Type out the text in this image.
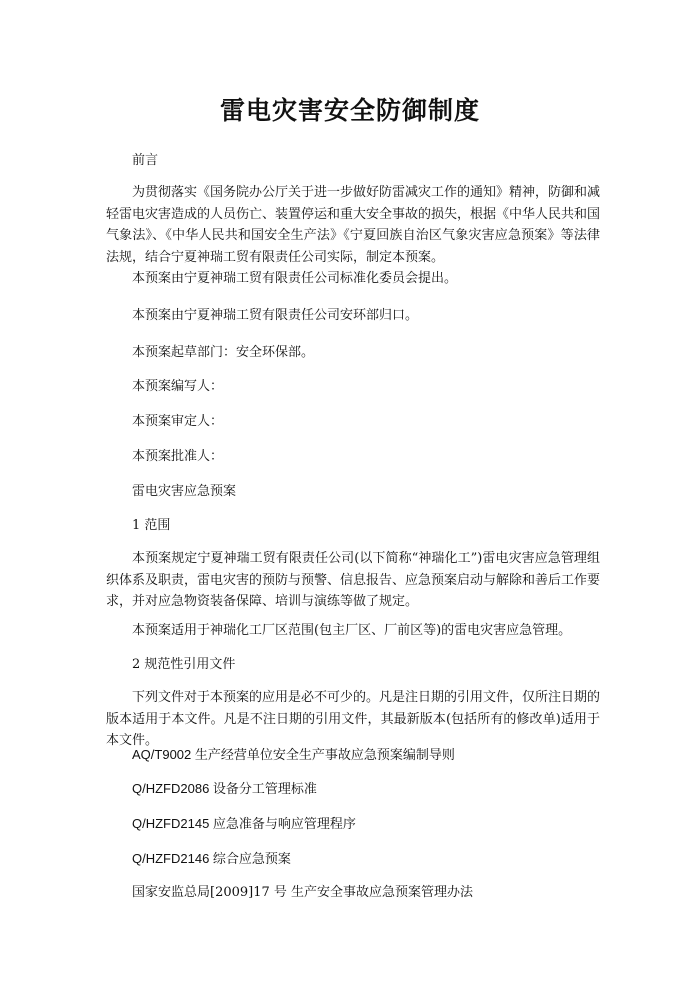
雷电灾害安全防御制度

前言

为贯彻落实《国务院办公厅关于进一步做好防雷减灾工作的通知》精神，防御和减轻雷电灾害造成的人员伤亡、装置停运和重大安全事故的损失，根据《中华人民共和国气象法》、《中华人民共和国安全生产法》《宁夏回族自治区气象灾害应急预案》等法律法规，结合宁夏神瑞工贸有限责任公司实际，制定本预案。

本预案由宁夏神瑞工贸有限责任公司标准化委员会提出。

本预案由宁夏神瑞工贸有限责任公司安环部归口。

本预案起草部门：安全环保部。

本预案编写人：

本预案审定人：

本预案批准人：

雷电灾害应急预案

1 范围

本预案规定宁夏神瑞工贸有限责任公司(以下简称“神瑞化工”)雷电灾害应急管理组织体系及职责，雷电灾害的预防与预警、信息报告、应急预案启动与解除和善后工作要求，并对应急物资装备保障、培训与演练等做了规定。

本预案适用于神瑞化工厂区范围(包主厂区、厂前区等)的雷电灾害应急管理。

2 规范性引用文件

下列文件对于本预案的应用是必不可少的。凡是注日期的引用文件，仅所注日期的版本适用于本文件。凡是不注日期的引用文件，其最新版本(包括所有的修改单)适用于本文件。

AQ/T9002 生产经营单位安全生产事故应急预案编制导则

Q/HZFD2086 设备分工管理标准

Q/HZFD2145 应急准备与响应管理程序

Q/HZFD2146 综合应急预案

国家安监总局[2009]17 号 生产安全事故应急预案管理办法
